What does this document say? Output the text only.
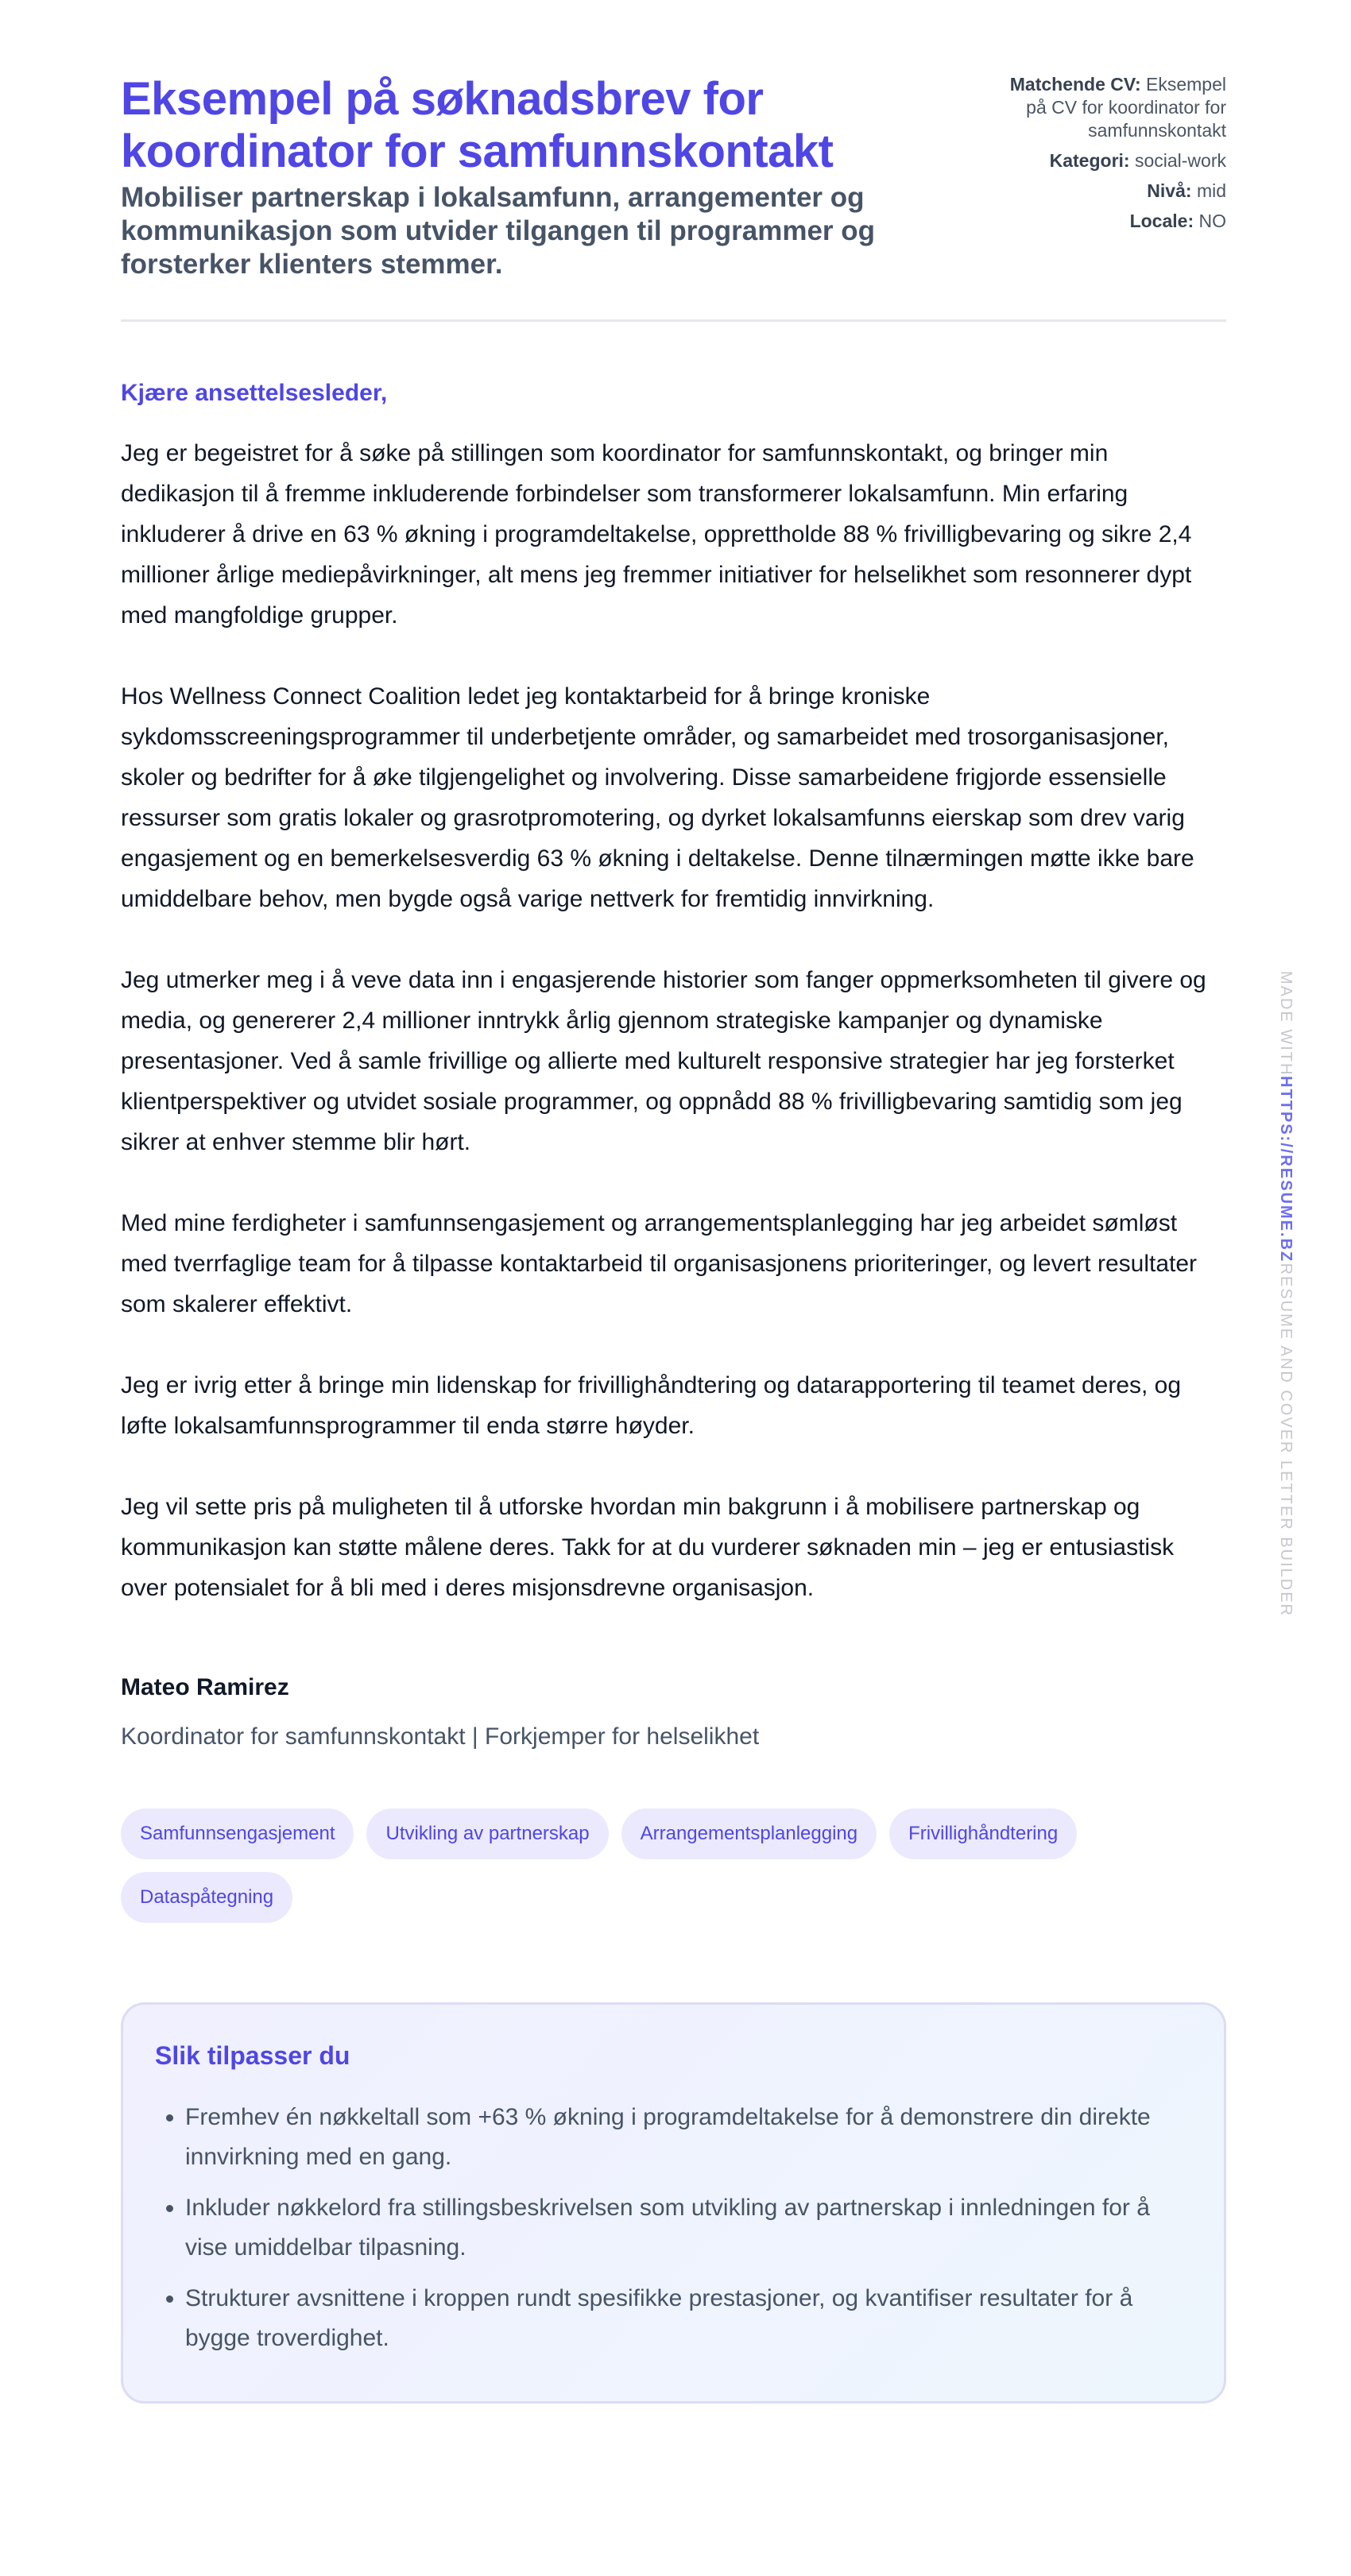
Eksempel på søknadsbrev for koordinator for samfunnskontakt

Mobiliser partnerskap i lokalsamfunn, arrangementer og kommunikasjon som utvider tilgangen til programmer og forsterker klienters stemmer.

Matchende CV: Eksempel på CV for koordinator for samfunnskontakt
Kategori: social-work
Nivå: mid
Locale: NO
Kjære ansettelsesleder,

Jeg er begeistret for å søke på stillingen som koordinator for samfunnskontakt, og bringer min dedikasjon til å fremme inkluderende forbindelser som transformerer lokalsamfunn. Min erfaring inkluderer å drive en 63 % økning i programdeltakelse, opprettholde 88 % frivilligbevaring og sikre 2,4 millioner årlige mediepåvirkninger, alt mens jeg fremmer initiativer for helselikhet som resonnerer dypt med mangfoldige grupper.

Hos Wellness Connect Coalition ledet jeg kontaktarbeid for å bringe kroniske sykdomsscreeningsprogrammer til underbetjente områder, og samarbeidet med trosorganisasjoner, skoler og bedrifter for å øke tilgjengelighet og involvering. Disse samarbeidene frigjorde essensielle ressurser som gratis lokaler og grasrotpromotering, og dyrket lokalsamfunns eierskap som drev varig engasjement og en bemerkelsesverdig 63 % økning i deltakelse. Denne tilnærmingen møtte ikke bare umiddelbare behov, men bygde også varige nettverk for fremtidig innvirkning.

Jeg utmerker meg i å veve data inn i engasjerende historier som fanger oppmerksomheten til givere og media, og genererer 2,4 millioner inntrykk årlig gjennom strategiske kampanjer og dynamiske presentasjoner. Ved å samle frivillige og allierte med kulturelt responsive strategier har jeg forsterket klientperspektiver og utvidet sosiale programmer, og oppnådd 88 % frivilligbevaring samtidig som jeg sikrer at enhver stemme blir hørt.

Med mine ferdigheter i samfunnsengasjement og arrangementsplanlegging har jeg arbeidet sømløst med tverrfaglige team for å tilpasse kontaktarbeid til organisasjonens prioriteringer, og levert resultater som skalerer effektivt.

Jeg er ivrig etter å bringe min lidenskap for frivillighåndtering og datarapportering til teamet deres, og løfte lokalsamfunnsprogrammer til enda større høyder.

Jeg vil sette pris på muligheten til å utforske hvordan min bakgrunn i å mobilisere partnerskap og kommunikasjon kan støtte målene deres. Takk for at du vurderer søknaden min – jeg er entusiastisk over potensialet for å bli med i deres misjonsdrevne organisasjon.

Mateo Ramirez
Koordinator for samfunnskontakt | Forkjemper for helselikhet
Samfunnsengasjement	Utvikling av partnerskap	Arrangementsplanlegging	Frivillighåndtering
Dataspåtegning
Slik tilpasser du
• Fremhev én nøkkeltall som +63 % økning i programdeltakelse for å demonstrere din direkte innvirkning med en gang.
• Inkluder nøkkelord fra stillingsbeskrivelsen som utvikling av partnerskap i innledningen for å vise umiddelbar tilpasning.
• Strukturer avsnittene i kroppen rundt spesifikke prestasjoner, og kvantifiser resultater for å bygge troverdighet.
MADE WITHHTTPS://RESUME.BZRESUME AND COVER LETTER BUILDER
